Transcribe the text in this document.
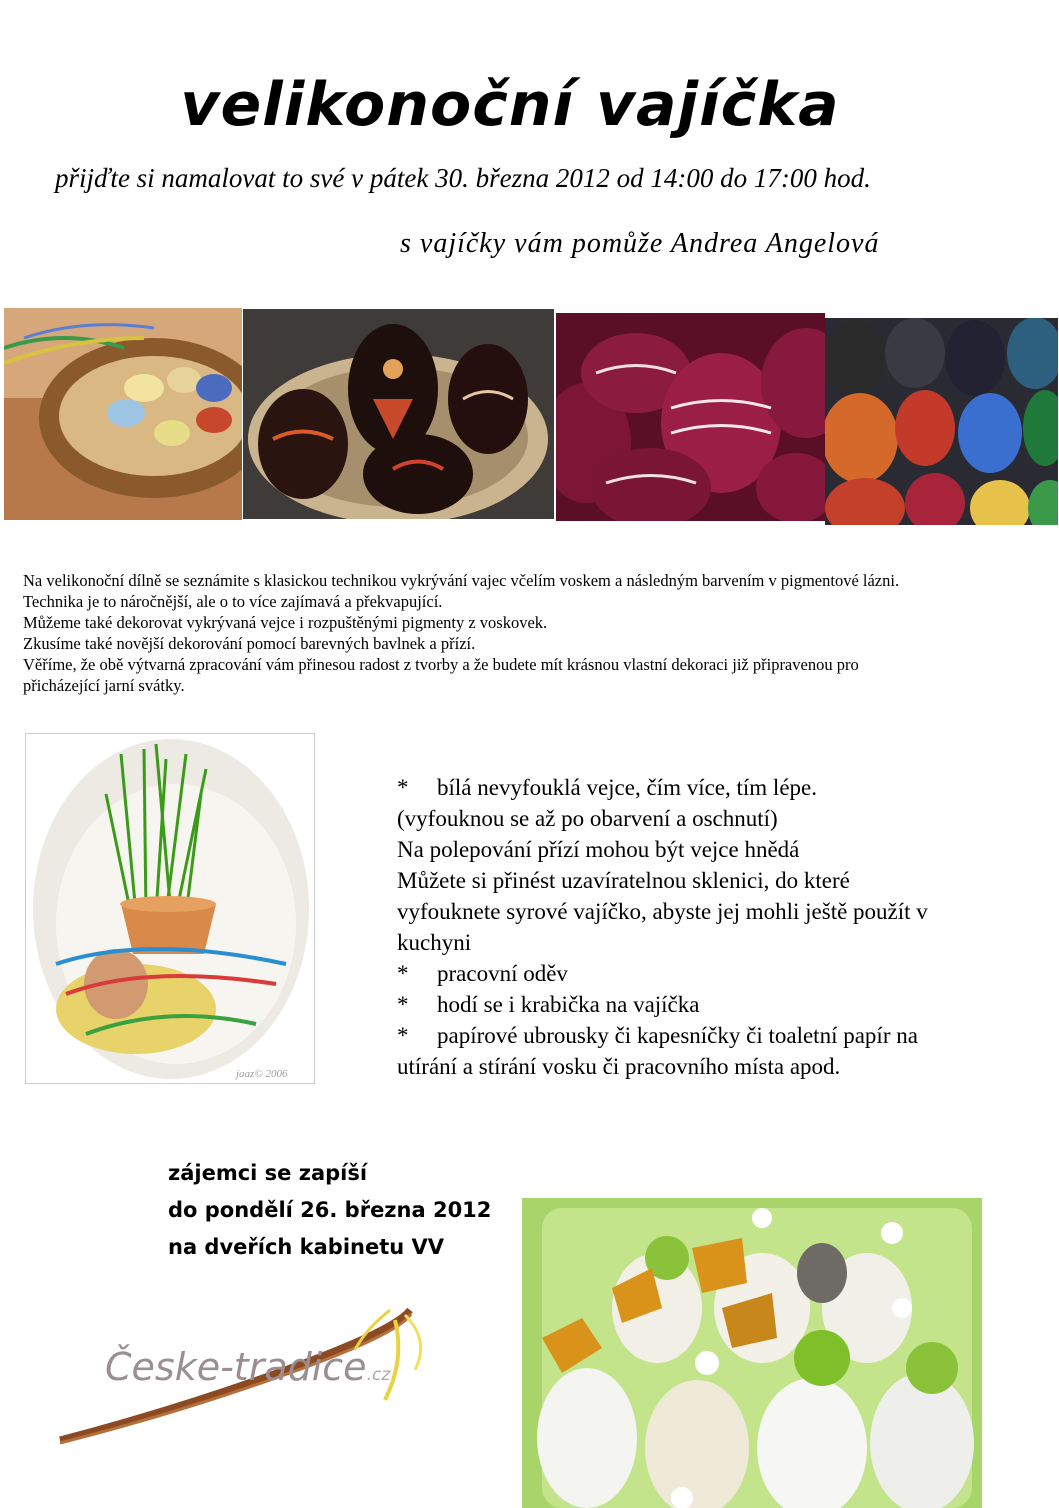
velikonoční vajíčka
přijďte si namalovat to své v pátek 30. března 2012 od 14:00 do 17:00 hod.
s vajíčky vám pomůže Andrea Angelová
Na velikonoční dílně se seznámite s klasickou technikou vykrývání vajec včelím voskem a následným barvením v pigmentové lázni.
Technika je to náročnější, ale o to více zajímavá a překvapující.
Můžeme také dekorovat vykrývaná vejce i rozpuštěnými pigmenty z voskovek.
Zkusíme také novější dekorování pomocí barevných bavlnek a přízí.
Věříme, že obě výtvarná zpracování vám přinesou radost z tvorby a že budete mít krásnou vlastní dekoraci již připravenou pro
přicházející jarní svátky.
jaaz© 2006
* bílá nevyfouklá vejce, čím více, tím lépe.
(vyfouknou se až po obarvení a oschnutí)
Na polepování přízí mohou být vejce hnědá
Můžete si přinést uzavíratelnou sklenici, do které
vyfouknete syrové vajíčko, abyste jej mohli ještě použít v
kuchyni
* pracovní oděv
* hodí se i krabička na vajíčka
* papírové ubrousky či kapesníčky či toaletní papír na
utírání a stírání vosku či pracovního místa apod.
zájemci se zapíší
do pondělí 26. března 2012
na dveřích kabinetu VV
Česke-tradice.cz
